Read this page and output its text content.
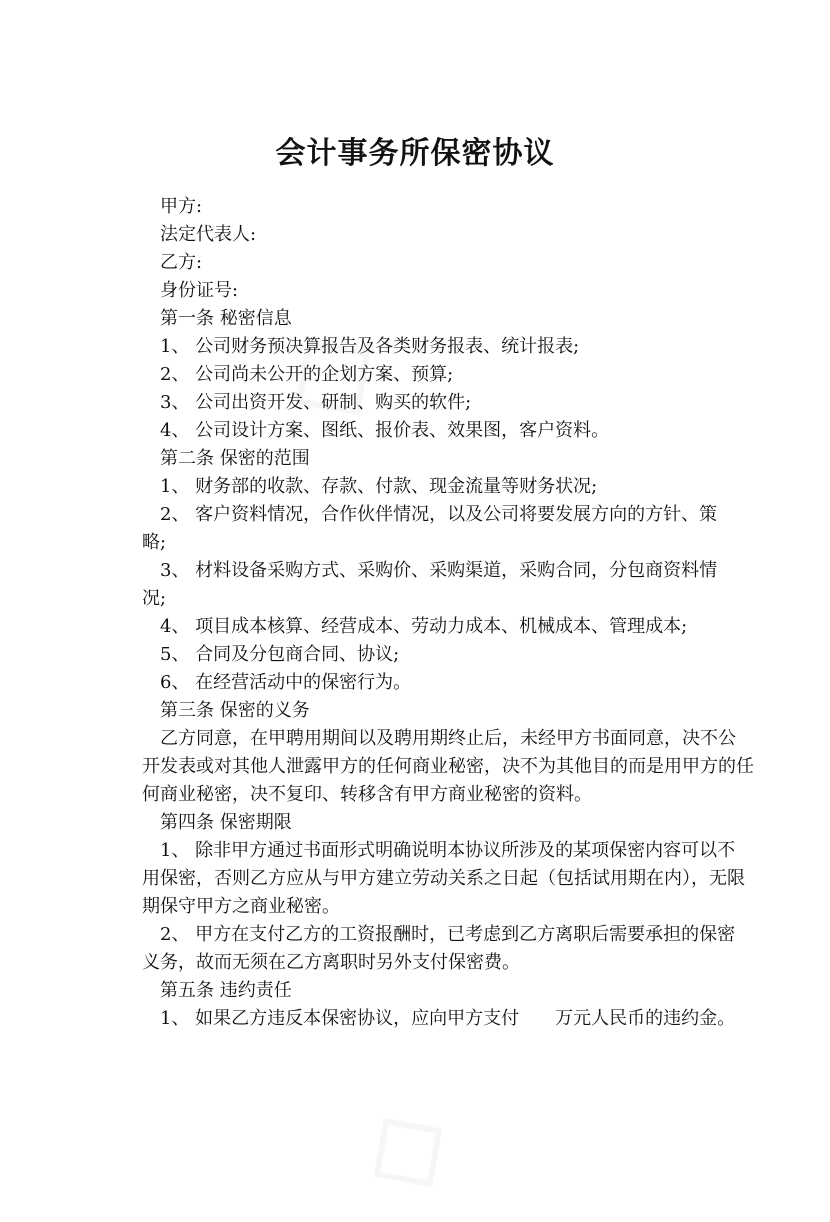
会计事务所保密协议
甲方:
法定代表人:
乙方:
身份证号:
第一条 秘密信息
1、 公司财务预决算报告及各类财务报表、统计报表;
2、 公司尚未公开的企划方案、预算;
3、 公司出资开发、研制、购买的软件;
4、 公司设计方案、图纸、报价表、效果图，客户资料。
第二条 保密的范围
1、 财务部的收款、存款、付款、现金流量等财务状况;
2、 客户资料情况，合作伙伴情况，以及公司将要发展方向的方针、策
略;
3、 材料设备采购方式、采购价、采购渠道，采购合同，分包商资料情
况;
4、 项目成本核算、经营成本、劳动力成本、机械成本、管理成本;
5、 合同及分包商合同、协议;
6、 在经营活动中的保密行为。
第三条 保密的义务
乙方同意，在甲聘用期间以及聘用期终止后，未经甲方书面同意，决不公
开发表或对其他人泄露甲方的任何商业秘密，决不为其他目的而是用甲方的任
何商业秘密，决不复印、转移含有甲方商业秘密的资料。
第四条 保密期限
1、 除非甲方通过书面形式明确说明本协议所涉及的某项保密内容可以不
用保密，否则乙方应从与甲方建立劳动关系之日起（包括试用期在内），无限
期保守甲方之商业秘密。
2、 甲方在支付乙方的工资报酬时，已考虑到乙方离职后需要承担的保密
义务，故而无须在乙方离职时另外支付保密费。
第五条 违约责任
1、 如果乙方违反本保密协议，应向甲方支付　　万元人民币的违约金。
